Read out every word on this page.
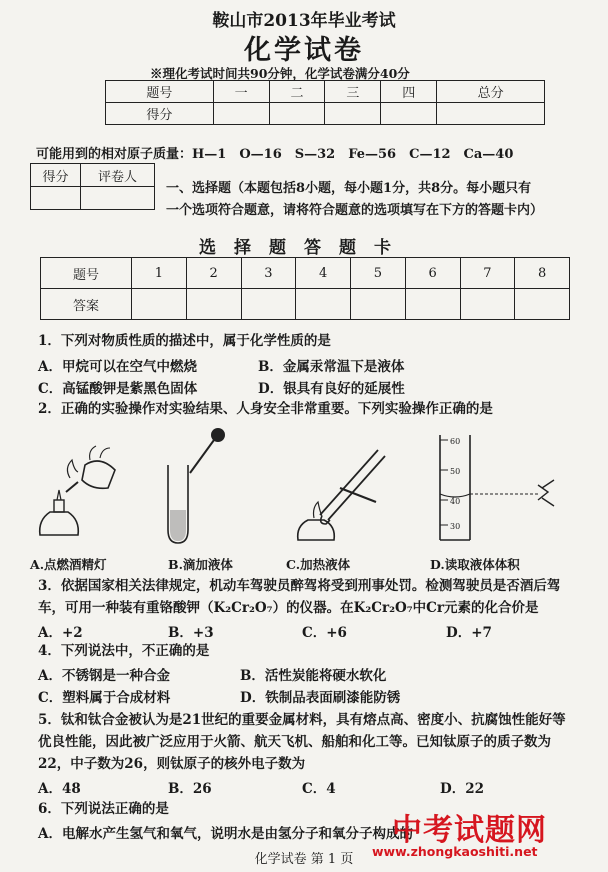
鞍山市2013年毕业考试
化学试卷
※理化考试时间共90分钟，化学试卷满分40分
题号	一	二	三	四	总分
得分					
可能用到的相对原子质量：H—1　O—16　S—32　Fe—56　C—12　Ca—40
得分	评卷人

一、选择题（本题包括8小题，每小题1分，共8分。每小题只有
一个选项符合题意，请将符合题意的选项填写在下方的答题卡内）
选择题答题卡
题号	1	2	3	4	5	6	7	8
答案								
1．下列对物质性质的描述中，属于化学性质的是
A．甲烷可以在空气中燃烧	B．金属汞常温下是液体
C．高锰酸钾是紫黑色固体	D．银具有良好的延展性
2．正确的实验操作对实验结果、人身安全非常重要。下列实验操作正确的是
60
50
40
30
A.点燃酒精灯	B.滴加液体	C.加热液体	D.读取液体体积
3．依据国家相关法律规定，机动车驾驶员醉驾将受到刑事处罚。检测驾驶员是否酒后驾
车，可用一种装有重铬酸钾（K₂Cr₂O₇）的仪器。在K₂Cr₂O₇中Cr元素的化合价是
A．+2	B．+3	C．+6	D．+7
4．下列说法中，不正确的是
A．不锈钢是一种合金	B．活性炭能将硬水软化
C．塑料属于合成材料	D．铁制品表面刷漆能防锈
5．钛和钛合金被认为是21世纪的重要金属材料，具有熔点高、密度小、抗腐蚀性能好等
优良性能，因此被广泛应用于火箭、航天飞机、船舶和化工等。已知钛原子的质子数为
22，中子数为26，则钛原子的核外电子数为
A．48	B．26	C．4	D．22
6．下列说法正确的是
A．电解水产生氢气和氧气，说明水是由氢分子和氧分子构成的
中考试题网
www.zhongkaoshiti.net
化学试卷 第 1 页
